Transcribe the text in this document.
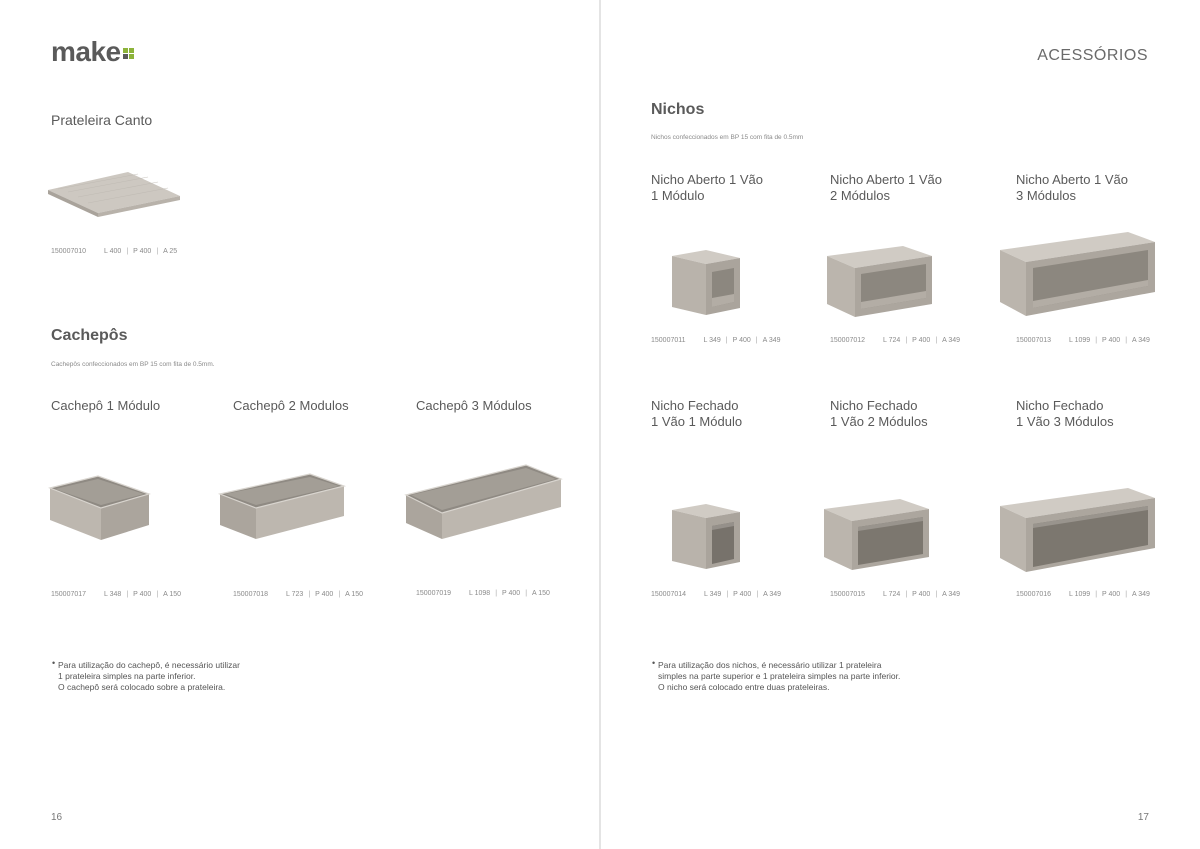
make
Prateleira Canto
150007010	L 400 | P 400 | A 25
Cachepôs
Cachepôs confeccionados em BP 15 com fita de 0.5mm.
Cachepô 1 Módulo	Cachepô 2 Modulos	Cachepô 3 Módulos
150007017	L 348 | P 400 | A 150	150007018	L 723 | P 400 | A 150	150007019	L 1098 | P 400 | A 150
• Para utilização do cachepô, é necessário utilizar
1 prateleira simples na parte inferior.
O cachepô será colocado sobre a prateleira.
16
ACESSÓRIOS
Nichos
Nichos confeccionados em BP 15 com fita de 0.5mm
Nicho Aberto 1 Vão
1 Módulo
Nicho Aberto 1 Vão
2 Módulos
Nicho Aberto 1 Vão
3 Módulos
150007011	L 349 | P 400 | A 349	150007012	L 724 | P 400 | A 349	150007013	L 1099 | P 400 | A 349
Nicho Fechado
1 Vão 1 Módulo
Nicho Fechado
1 Vão 2 Módulos
Nicho Fechado
1 Vão 3 Módulos
150007014	L 349 | P 400 | A 349	150007015	L 724 | P 400 | A 349	150007016	L 1099 | P 400 | A 349
• Para utilização dos nichos, é necessário utilizar 1 prateleira
simples na parte superior e 1 prateleira simples na parte inferior.
O nicho será colocado entre duas prateleiras.
17
